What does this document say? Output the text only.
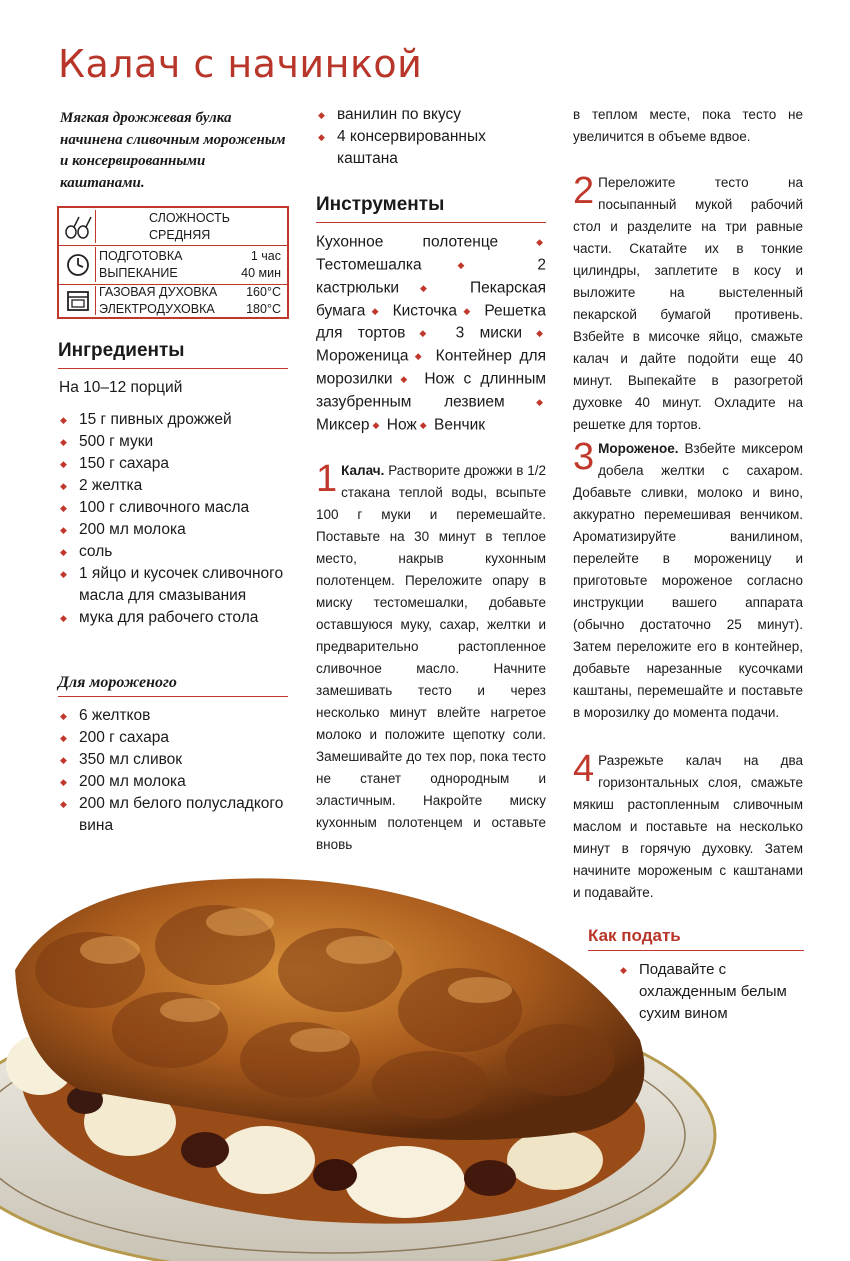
Калач с начинкой
Мягкая дрожжевая булка начинена сливочным мороженым и консервированными каштанами.
СЛОЖНОСТЬ
СРЕДНЯЯ
ПОДГОТОВКА	1 час
ВЫПЕКАНИЕ	40 мин
ГАЗОВАЯ ДУХОВКА 160°C
ЭЛЕКТРОДУХОВКА	180°C
Ингредиенты
На 10–12 порций
◆ 15 г пивных дрожжей
◆ 500 г муки
◆ 150 г сахара
◆ 2 желтка
◆ 100 г сливочного масла
◆ 200 мл молока
◆ соль
◆ 1 яйцо и кусочек сливочного масла для смазывания
◆ мука для рабочего стола
Для мороженого
◆ 6 желтков
◆ 200 г сахара
◆ 350 мл сливок
◆ 200 мл молока
◆ 200 мл белого полусладкого вина
◆ ванилин по вкусу
◆ 4 консервированных каштана
Инструменты
Кухонное полотенце ◆ Тестомешалка ◆	2 кастрюльки ◆ Пекарская бумага ◆ Кисточка ◆ Решетка для тортов ◆ 3 миски ◆ Мороженица ◆ Контейнер для морозилки ◆ Нож с длинным зазубренным лезвием ◆ Миксер ◆ Нож ◆ Венчик
1 Калач. Растворите дрожжи в 1/2 стакана теплой воды, всыпьте 100 г муки и перемешайте. Поставьте на 30 минут в теплое место, накрыв кухонным полотенцем. Переложите опару в миску тестомешалки, добавьте оставшуюся муку, сахар, желтки и предварительно растопленное сливочное масло. Начните замешивать тесто и через несколько минут влейте нагретое молоко и положите щепотку соли. Замешивайте до тех пор, пока тесто не станет однородным и эластичным. Накройте миску кухонным полотенцем и оставьте вновь
в теплом месте, пока тесто не увеличится в объеме вдвое.
2 Переложите тесто на посыпанный мукой рабочий стол и разделите на три равные части. Скатайте их в тонкие цилиндры, заплетите в косу и выложите на выстеленный пекарской бумагой противень. Взбейте в мисочке яйцо, смажьте калач и дайте подойти еще 40 минут. Выпекайте в разогретой духовке 40 минут. Охладите на решетке для тортов.
3 Мороженое. Взбейте миксером добела желтки с сахаром. Добавьте сливки, молоко и вино, аккуратно перемешивая венчиком. Ароматизируйте ванилином, перелейте в мороженицу и приготовьте мороженое согласно инструкции вашего аппарата (обычно достаточно 25 минут). Затем переложите его в контейнер, добавьте нарезанные кусочками каштаны, перемешайте и поставьте в морозилку до момента подачи.
4 Разрежьте калач на два горизонтальных слоя, смажьте мякиш растопленным сливочным маслом и поставьте на несколько минут в горячую духовку. Затем начините мороженым с каштанами и подавайте.
Как подать
◆ Подавайте с охлажденным белым сухим вином
